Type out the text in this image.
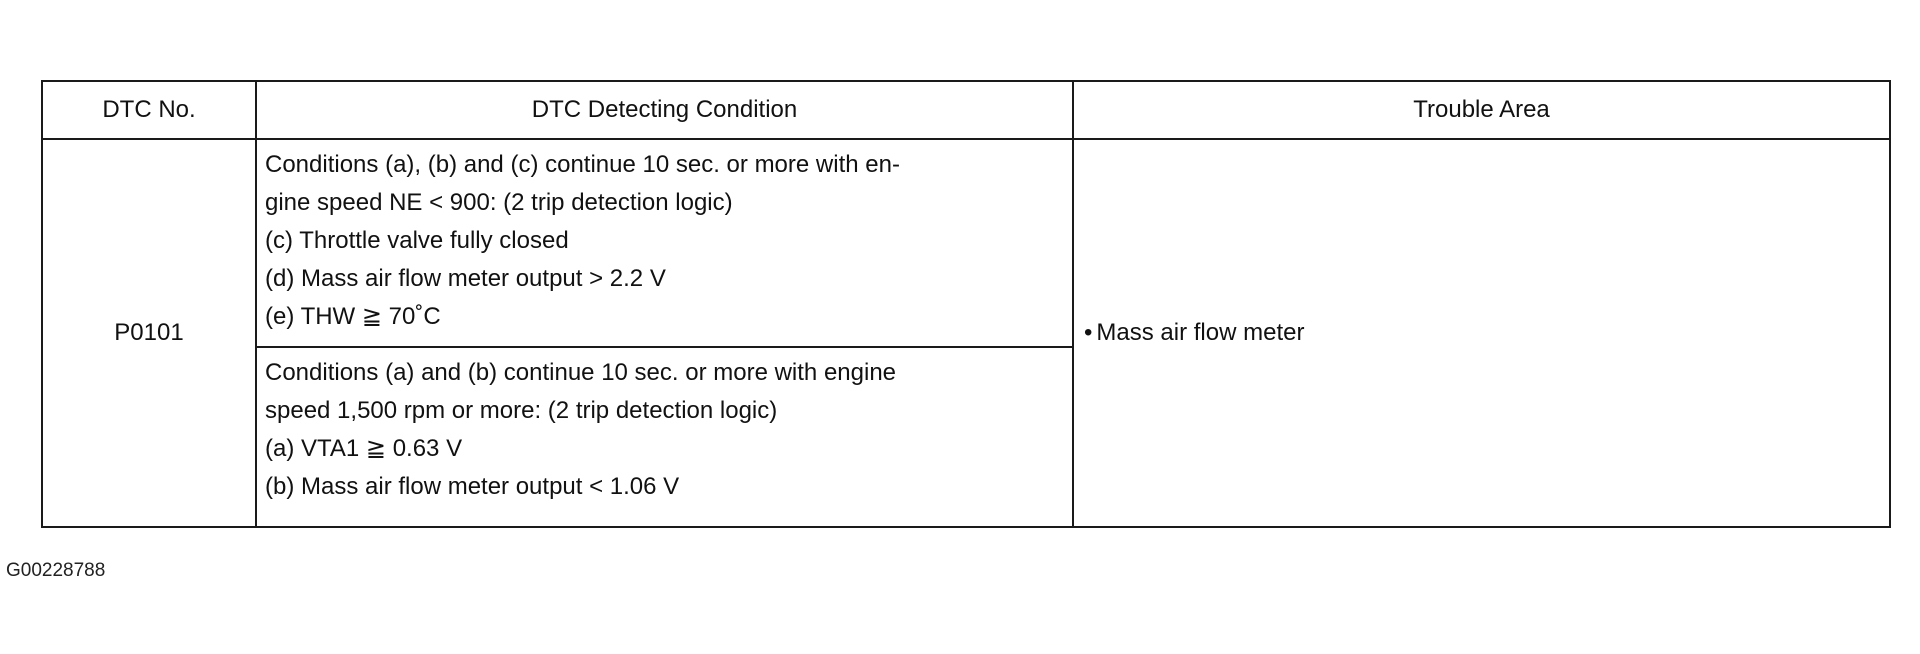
DTC No.	DTC Detecting Condition	Trouble Area
P0101	Conditions (a), (b) and (c) continue 10 sec. or more with en-
gine speed NE < 900: (2 trip detection logic)
(c) Throttle valve fully closed
(d) Mass air flow meter output > 2.2 V
(e) THW ≧ 70˚C	• Mass air flow meter

	Conditions (a) and (b) continue 10 sec. or more with engine
speed 1,500 rpm or more: (2 trip detection logic)
(a) VTA1 ≧ 0.63 V
(b) Mass air flow meter output < 1.06 V	
G00228788
